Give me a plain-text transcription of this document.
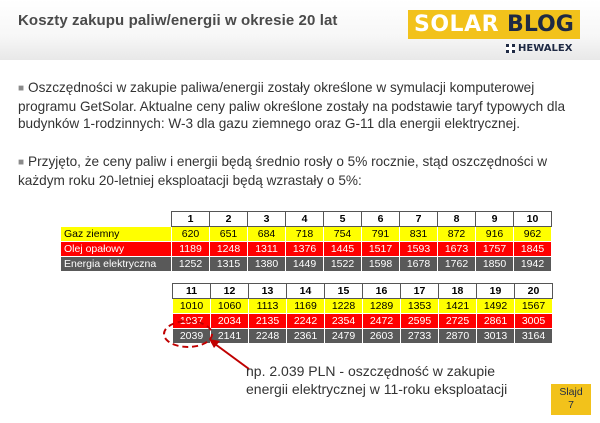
Koszty zakupu paliw/energii w okresie 20 lat	SOLAR BLOG
HEWALEX
■ Oszczędności w zakupie paliwa/energii zostały określone w symulacji komputerowej programu GetSolar. Aktualne ceny paliw określone zostały na podstawie taryf typowych dla budynków 1-rodzinnych: W-3 dla gazu ziemnego oraz G-11 dla energii elektrycznej.
■ Przyjęto, że ceny paliw i energii będą średnio rosły o 5% rocznie, stąd oszczędności w każdym roku 20-letniej eksploatacji będą wzrastały o 5%:
	1	2	3	4	5	6	7	8	9	10
Gaz ziemny	620	651	684	718	754	791	831	872	916	962
Olej opałowy	1189	1248	1311	1376	1445	1517	1593	1673	1757	1845
Energia elektryczna	1252	1315	1380	1449	1522	1598	1678	1762	1850	1942
11	12	13	14	15	16	17	18	19	20
1010	1060	1113	1169	1228	1289	1353	1421	1492	1567
1937	2034	2135	2242	2354	2472	2595	2725	2861	3005
2039	2141	2248	2361	2479	2603	2733	2870	3013	3164
np. 2.039 PLN - oszczędność w zakupie
energii elektrycznej w 11-roku eksploatacji	Slajd
7
